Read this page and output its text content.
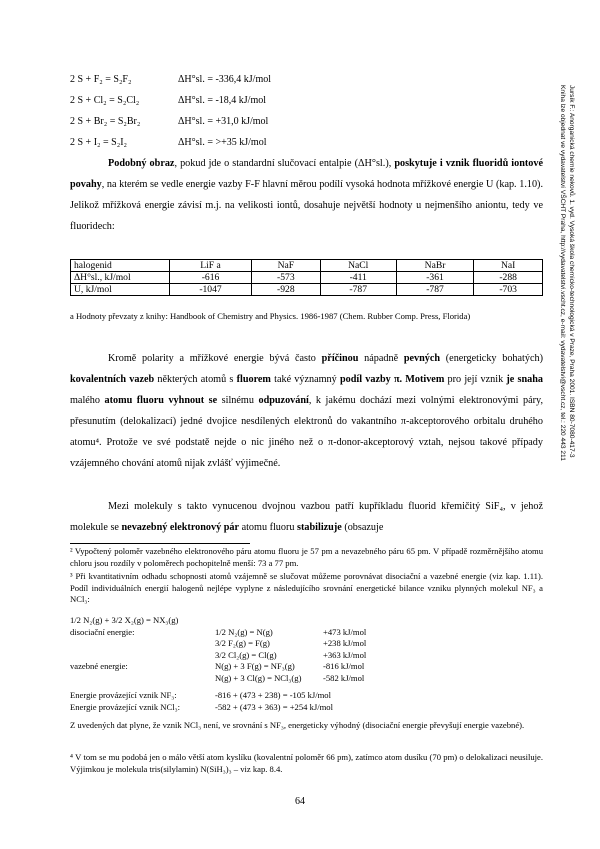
2 S + F₂ = S₂F₂	ΔH°sl. = -336,4 kJ/mol
2 S + Cl₂ = S₂Cl₂	ΔH°sl. = -18,4 kJ/mol
2 S + Br₂ = S₂Br₂	ΔH°sl. = +31,0 kJ/mol
2 S + I₂ = S₂I₂	ΔH°sl. = >+35 kJ/mol

Podobný obraz, pokud jde o standardní slučovací entalpie (ΔH°sl.), poskytuje i vznik fluoridů iontové povahy, na kterém se vedle energie vazby F-F hlavní měrou podílí vysoká hodnota mřížkové energie U (kap. 1.10). Jelikož mřížková energie závisí m.j. na velikosti iontů, dosahuje největší hodnoty u nejmenšího aniontu, tedy ve fluoridech:

halogenid	LiF a	NaF	NaCl	NaBr	NaI
ΔH°sl., kJ/mol	-616	-573	-411	-361	-288
U, kJ/mol	-1047	-928	-787	-787	-703
a Hodnoty převzaty z knihy: Handbook of Chemistry and Physics. 1986-1987 (Chem. Rubber Comp. Press, Florida)

Kromě polarity a mřížkové energie bývá často příčinou nápadně pevných (energeticky bohatých) kovalentních vazeb některých atomů s fluorem také významný podíl vazby π. Motivem pro její vznik je snaha malého atomu fluoru vyhnout se silnému odpuzování, k jakému dochází mezi volnými elektronovými páry, přesunutím (delokalizací) jedné dvojice nesdílených elektronů do vakantního π-akceptorového orbitalu druhého atomu⁴. Protože ve své podstatě nejde o nic jiného než o π-donor-akceptorový vztah, nejsou takové případy vzájemného chování atomů nijak zvlášť výjimečné.

Mezi molekuly s takto vynucenou dvojnou vazbou patří kupříkladu fluorid křemičitý SiF₄, v jehož molekule se nevazebný elektronový pár atomu fluoru stabilizuje (obsazuje

² Vypočtený poloměr vazebného elektronového páru atomu fluoru je 57 pm a nevazebného páru 65 pm. V případě rozměrnějšího atomu chloru jsou rozdíly v poloměrech pochopitelně menší: 73 a 77 pm.

³ Při kvantitativním odhadu schopnosti atomů vzájemně se slučovat můžeme porovnávat disociační a vazebné energie (viz kap. 1.11). Podíl individuálních energií halogenů nejlépe vyplyne z následujícího srovnání energetické bilance vzniku plynných molekul NF₃ a NCl₃:

1/2 N₂(g) + 3/2 X₂(g) = NX₃(g)
disociační energie:	1/2 N₂(g) = N(g)	+473 kJ/mol
3/2 F₂(g) = F(g)	+238 kJ/mol
3/2 Cl₂(g) = Cl(g)	+363 kJ/mol
vazebné energie:	N(g) + 3 F(g) = NF₃(g)	-816 kJ/mol
N(g) + 3 Cl(g) = NCl₃(g)	-582 kJ/mol
Energie provázející vznik NF₃:	-816 + (473 + 238) = -105 kJ/mol
Energie provázející vznik NCl₃:	-582 + (473 + 363) = +254 kJ/mol

Z uvedených dat plyne, že vznik NCl₃ není, ve srovnání s NF₃, energeticky výhodný (disociační energie převyšují energie vazebné).

⁴ V tom se mu podobá jen o málo větší atom kyslíku (kovalentní poloměr 66 pm), zatímco atom dusíku (70 pm) o delokalizaci neusiluje. Výjimkou je molekula tris(silylamin) N(SiH₃)₃ – viz kap. 8.4.

64
Jursík F.: Anorganická chemie nekovů. 1. vyd. Vysoká škola chemicko-technologická v Praze, Praha 2001. ISBN 80-7080-417-3
Kniha lze objednat ve vydavatelství VŠCHT Praha, http://vydavatelstvi.vscht.cz, e-mail: vydavatelstvi@vscht.cz, tel.: 220 443 211
